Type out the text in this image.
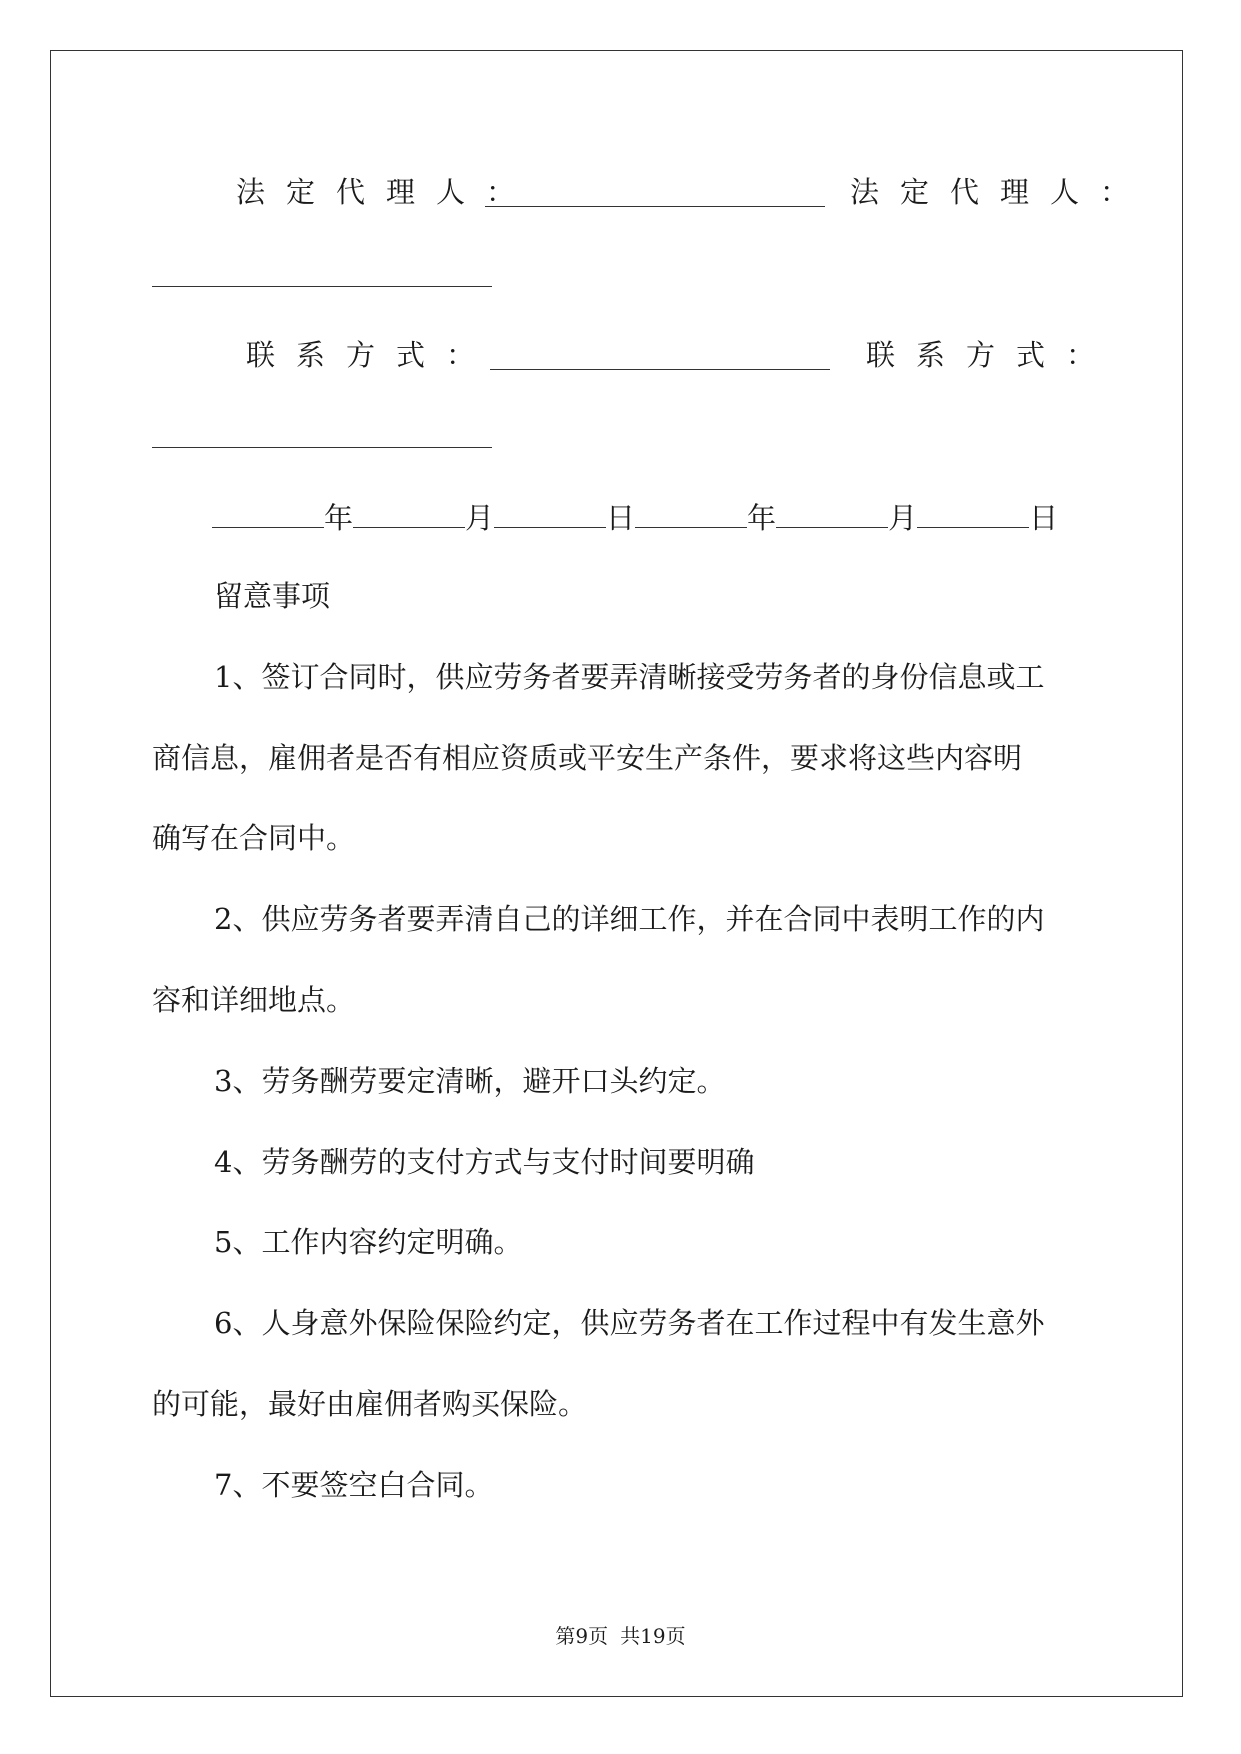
法定代理人：	法定代理人：
联系方式：	联系方式：
年	月	日	年	月	日
留意事项
1、签订合同时，供应劳务者要弄清晰接受劳务者的身份信息或工
商信息，雇佣者是否有相应资质或平安生产条件，要求将这些内容明
确写在合同中。
2、供应劳务者要弄清自己的详细工作，并在合同中表明工作的内
容和详细地点。
3、劳务酬劳要定清晰，避开口头约定。
4、劳务酬劳的支付方式与支付时间要明确
5、工作内容约定明确。
6、人身意外保险保险约定，供应劳务者在工作过程中有发生意外
的可能，最好由雇佣者购买保险。
7、不要签空白合同。
第9页 共19页
